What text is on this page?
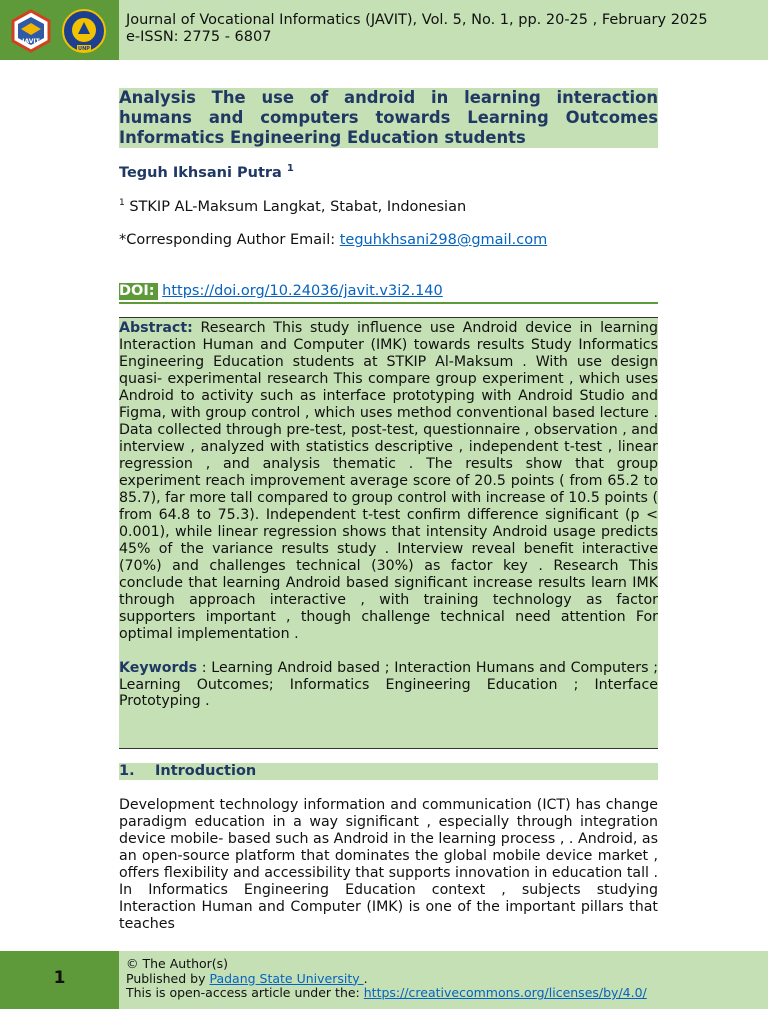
JAVIT
UNP
Journal of Vocational Informatics (JAVIT), Vol. 5, No. 1, pp. 20-25 , February 2025
e-ISSN: 2775 - 6807
Analysis The use of android in learning interaction
humans and computers towards Learning Outcomes
Informatics Engineering Education students
Teguh Ikhsani Putra $^1$
$^1$ STKIP AL-Maksum Langkat, Stabat, Indonesian
*Corresponding Author Email: teguhkhsani298@gmail.com
DOI: https://doi.org/10.24036/javit.v3i2.140

Abstract: Research This study influence use Android device in learning Interaction Human and Computer (IMK) towards results Study Informatics Engineering Education students at STKIP Al-Maksum . With use design quasi- experimental research This compare group experiment , which uses Android to activity such as interface prototyping with Android Studio and Figma, with group control , which uses method conventional based lecture . Data collected through pre-test, post-test, questionnaire , observation , and interview , analyzed with statistics descriptive , independent t-test , linear regression , and analysis thematic . The results show that group experiment reach improvement average score of 20.5 points ( from 65.2 to 85.7), far more tall compared to group control with increase of 10.5 points ( from 64.8 to 75.3). Independent t-test confirm difference significant (p < 0.001), while linear regression shows that intensity Android usage predicts 45% of the variance results study . Interview reveal benefit interactive (70%) and challenges technical (30%) as factor key . Research This conclude that learning Android based significant increase results learn IMK through approach interactive , with training technology as factor supporters important , though challenge technical need attention For optimal implementation .

Keywords : Learning Android based ; Interaction Humans and Computers ; Learning Outcomes; Informatics Engineering Education ; Interface Prototyping .
1. Introduction

Development technology information and communication (ICT) has change paradigm education in a way significant , especially through integration device mobile- based such as Android in the learning process , . Android, as an open-source platform that dominates the global mobile device market , offers flexibility and accessibility that supports innovation in education tall . In Informatics Engineering Education context , subjects studying Interaction Human and Computer (IMK) is one of the important pillars that teaches

1
© The Author(s)
Published by Padang State University .
This is open-access article under the: https://creativecommons.org/licenses/by/4.0/
